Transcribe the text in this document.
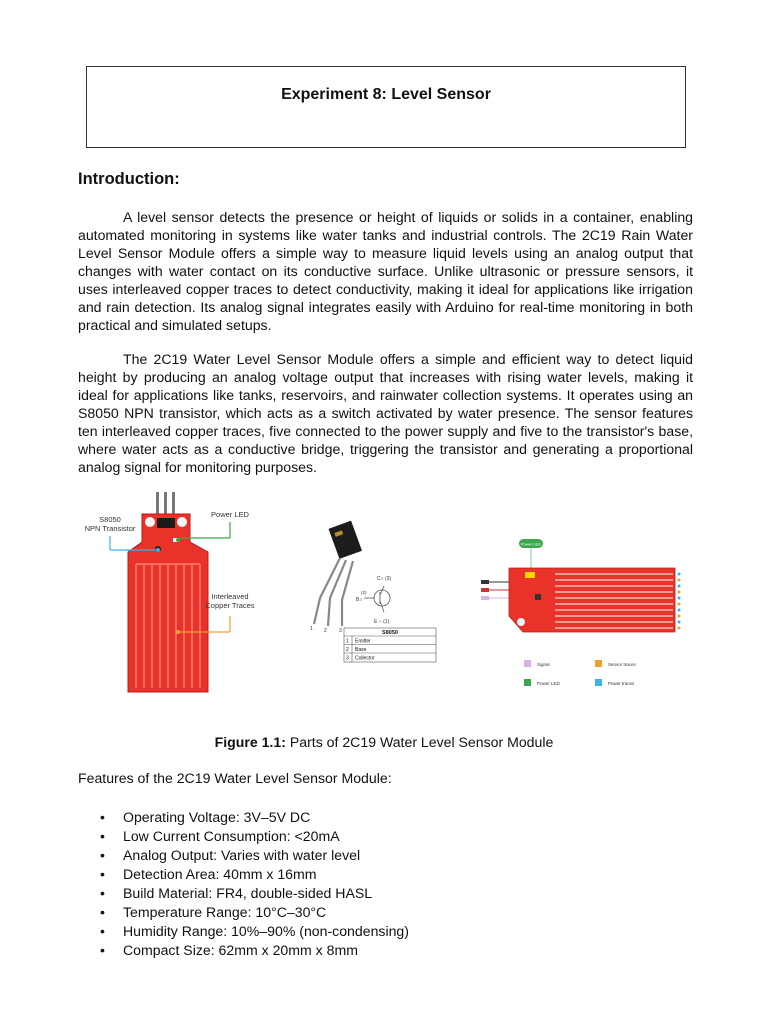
Experiment 8: Level Sensor
Introduction:

A level sensor detects the presence or height of liquids or solids in a container, enabling automated monitoring in systems like water tanks and industrial controls. The 2C19 Rain Water Level Sensor Module offers a simple way to measure liquid levels using an analog output that changes with water contact on its conductive surface. Unlike ultrasonic or pressure sensors, it uses interleaved copper traces to detect conductivity, making it ideal for applications like irrigation and rain detection. Its analog signal integrates easily with Arduino for real-time monitoring in both practical and simulated setups.

The 2C19 Water Level Sensor Module offers a simple and efficient way to detect liquid height by producing an analog voltage output that increases with rising water levels, making it ideal for applications like tanks, reservoirs, and rainwater collection systems. It operates using an S8050 NPN transistor, which acts as a switch activated by water presence. The sensor features ten interleaved copper traces, five connected to the power supply and five to the transistor's base, where water acts as a conductive bridge, triggering the transistor and generating a proportional analog signal for monitoring purposes.

S8050
NPN Transistor
Power LED
Interleaved
Copper Traces
1 2 3
C○ (3)
(2)
B○
E ○ (1)
S8050
1 Emitter
2 Base
3 Collector
Power LED
Signal	Sensor traces
Power LED	Power traces
Figure 1.1: Parts of 2C19 Water Level Sensor Module

Features of the 2C19 Water Level Sensor Module:

• Operating Voltage: 3V–5V DC
• Low Current Consumption: <20mA
• Analog Output: Varies with water level
• Detection Area: 40mm x 16mm
• Build Material: FR4, double-sided HASL
• Temperature Range: 10°C–30°C
• Humidity Range: 10%–90% (non-condensing)
• Compact Size: 62mm x 20mm x 8mm
